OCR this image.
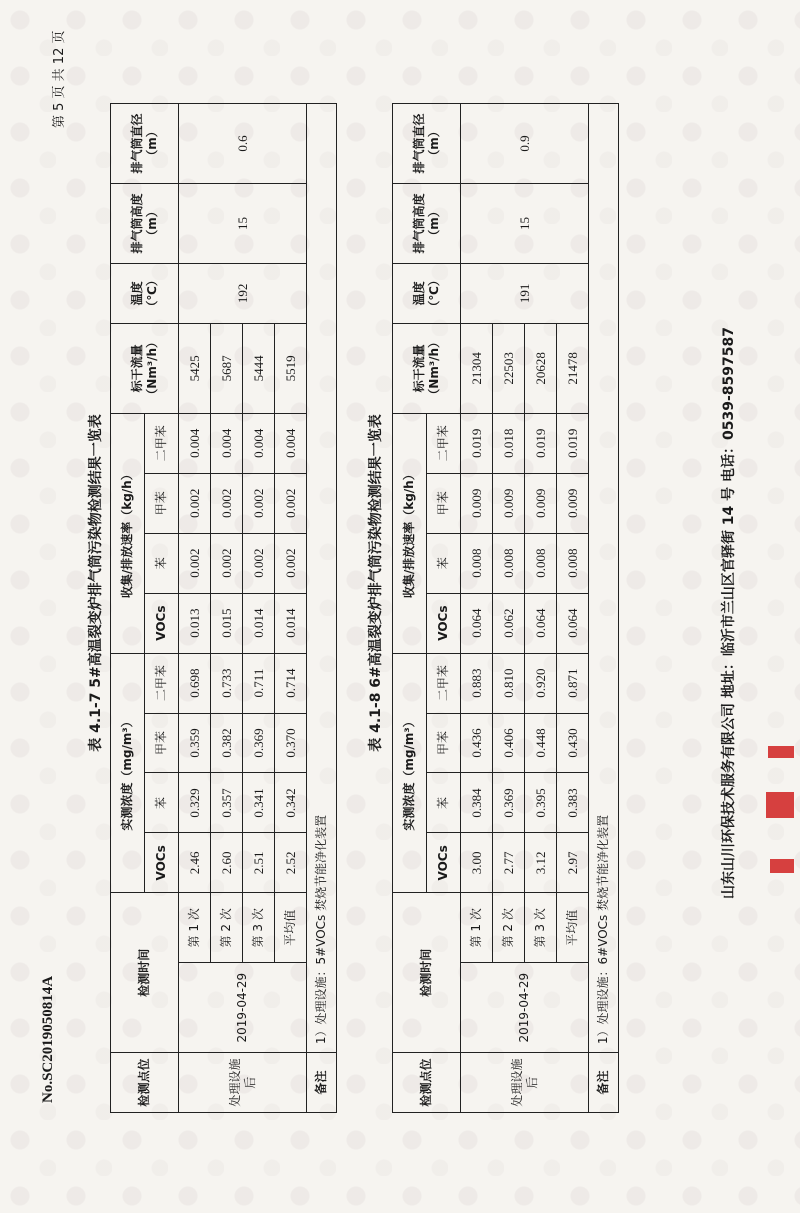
No.SC2019050814A
第 5 页 共 12 页
表 4.1-7 5#高温裂变炉排气筒污染物检测结果一览表
检测点位	检测时间		实测浓度（mg/m³）				收集/排放速率（kg/h）				标干流量（Nm³/h）	温度（℃）	排气筒高度（m）	排气筒直径（m）
			VOCs	苯	甲苯	二甲苯	VOCs	苯	甲苯	二甲苯				
处理设施后	2019-04-29	第 1 次	2.46	0.329	0.359	0.698	0.013	0.002	0.002	0.004	5425	192	15	0.6
		第 2 次	2.60	0.357	0.382	0.733	0.015	0.002	0.002	0.004	5687			
		第 3 次	2.51	0.341	0.369	0.711	0.014	0.002	0.002	0.004	5444			
		平均值	2.52	0.342	0.370	0.714	0.014	0.002	0.002	0.004	5519			
备注	1）处理设施：5#VOCs 焚烧节能净化装置													
表 4.1-8 6#高温裂变炉排气筒污染物检测结果一览表
检测点位	检测时间		实测浓度（mg/m³）				收集/排放速率（kg/h）				标干流量（Nm³/h）	温度（℃）	排气筒高度（m）	排气筒直径（m）
			VOCs	苯	甲苯	二甲苯	VOCs	苯	甲苯	二甲苯				
处理设施后	2019-04-29	第 1 次	3.00	0.384	0.436	0.883	0.064	0.008	0.009	0.019	21304	191	15	0.9
		第 2 次	2.77	0.369	0.406	0.810	0.062	0.008	0.009	0.018	22503			
		第 3 次	3.12	0.395	0.448	0.920	0.064	0.008	0.009	0.019	20628			
		平均值	2.97	0.383	0.430	0.871	0.064	0.008	0.009	0.019	21478			
备注	1）处理设施：6#VOCs 焚烧节能净化装置													
山东山川环保技术服务有限公司 地址：临沂市兰山区官驿街 14 号 电话：0539-8597587
